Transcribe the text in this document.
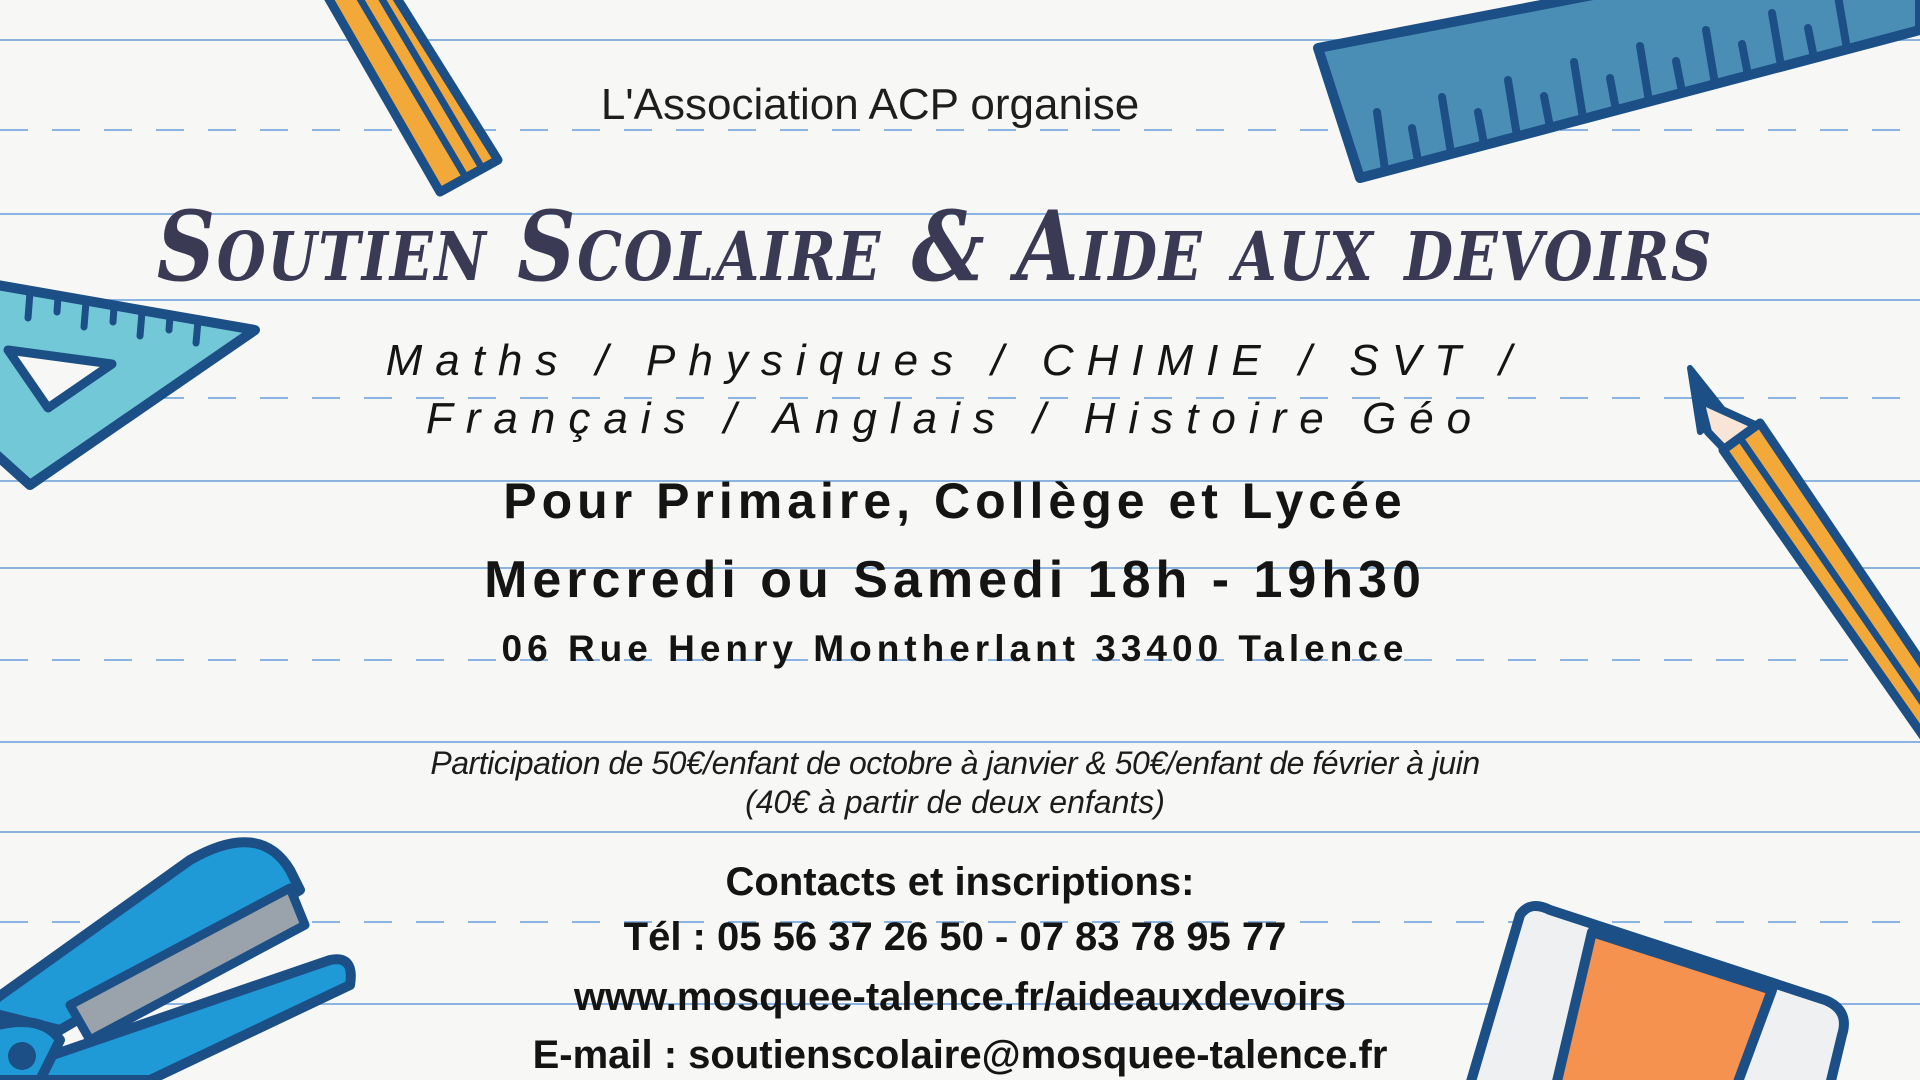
L'Association ACP organise

Soutien Scolaire & Aide aux devoirs

Maths / Physiques / CHIMIE / SVT /

Français / Anglais / Histoire Géo

Pour Primaire, Collège et Lycée

Mercredi ou Samedi 18h - 19h30

06 Rue Henry Montherlant 33400 Talence

Participation de 50€/enfant de octobre à janvier & 50€/enfant de février à juin

(40€ à partir de deux enfants)

Contacts et inscriptions:

Tél : 05 56 37 26 50 - 07 83 78 95 77

www.mosquee-talence.fr/aideauxdevoirs

E-mail : soutienscolaire@mosquee-talence.fr
